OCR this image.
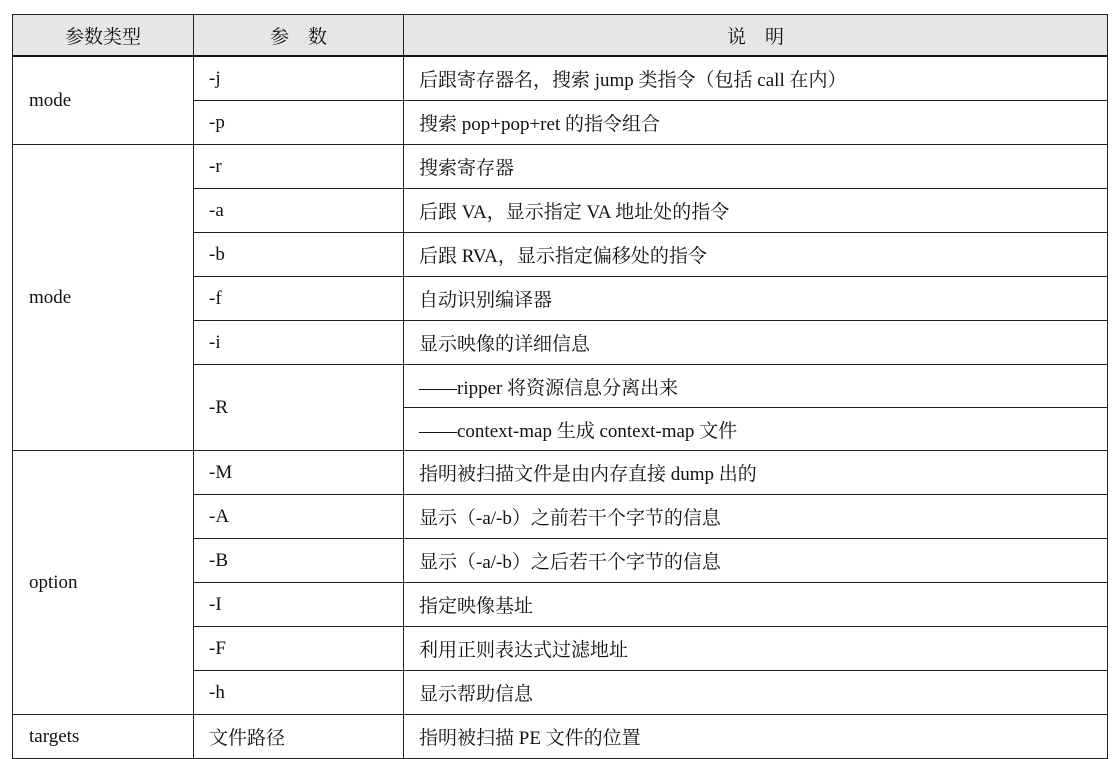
参数类型	参　数	说　明
mode	-j	后跟寄存器名，搜索 jump 类指令（包括 call 在内）
	-p	搜索 pop+pop+ret 的指令组合
mode	-r	搜索寄存器
	-a	后跟 VA，显示指定 VA 地址处的指令
	-b	后跟 RVA，显示指定偏移处的指令
	-f	自动识别编译器
	-i	显示映像的详细信息
	-R	——ripper 将资源信息分离出来
		——context-map 生成 context-map 文件
option	-M	指明被扫描文件是由内存直接 dump 出的
	-A	显示（-a/-b）之前若干个字节的信息
	-B	显示（-a/-b）之后若干个字节的信息
	-I	指定映像基址
	-F	利用正则表达式过滤地址
	-h	显示帮助信息
targets	文件路径	指明被扫描 PE 文件的位置
